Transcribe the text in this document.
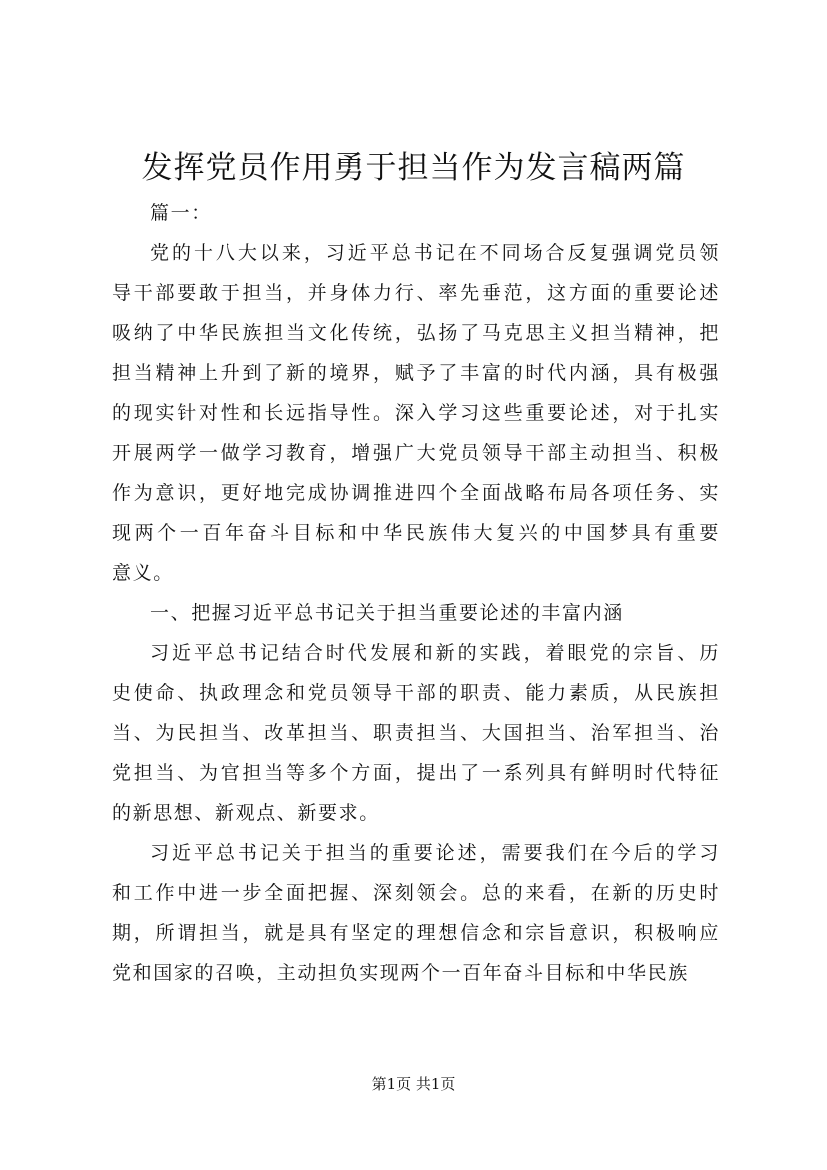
发挥党员作用勇于担当作为发言稿两篇

篇一：

党的十八大以来，习近平总书记在不同场合反复强调党员领
导干部要敢于担当，并身体力行、率先垂范，这方面的重要论述
吸纳了中华民族担当文化传统，弘扬了马克思主义担当精神，把
担当精神上升到了新的境界，赋予了丰富的时代内涵，具有极强
的现实针对性和长远指导性。深入学习这些重要论述，对于扎实
开展两学一做学习教育，增强广大党员领导干部主动担当、积极
作为意识，更好地完成协调推进四个全面战略布局各项任务、实
现两个一百年奋斗目标和中华民族伟大复兴的中国梦具有重要
意义。

一、把握习近平总书记关于担当重要论述的丰富内涵

习近平总书记结合时代发展和新的实践，着眼党的宗旨、历
史使命、执政理念和党员领导干部的职责、能力素质，从民族担
当、为民担当、改革担当、职责担当、大国担当、治军担当、治
党担当、为官担当等多个方面，提出了一系列具有鲜明时代特征
的新思想、新观点、新要求。

习近平总书记关于担当的重要论述，需要我们在今后的学习
和工作中进一步全面把握、深刻领会。总的来看，在新的历史时
期，所谓担当，就是具有坚定的理想信念和宗旨意识，积极响应
党和国家的召唤，主动担负实现两个一百年奋斗目标和中华民族

第1页 共1页
